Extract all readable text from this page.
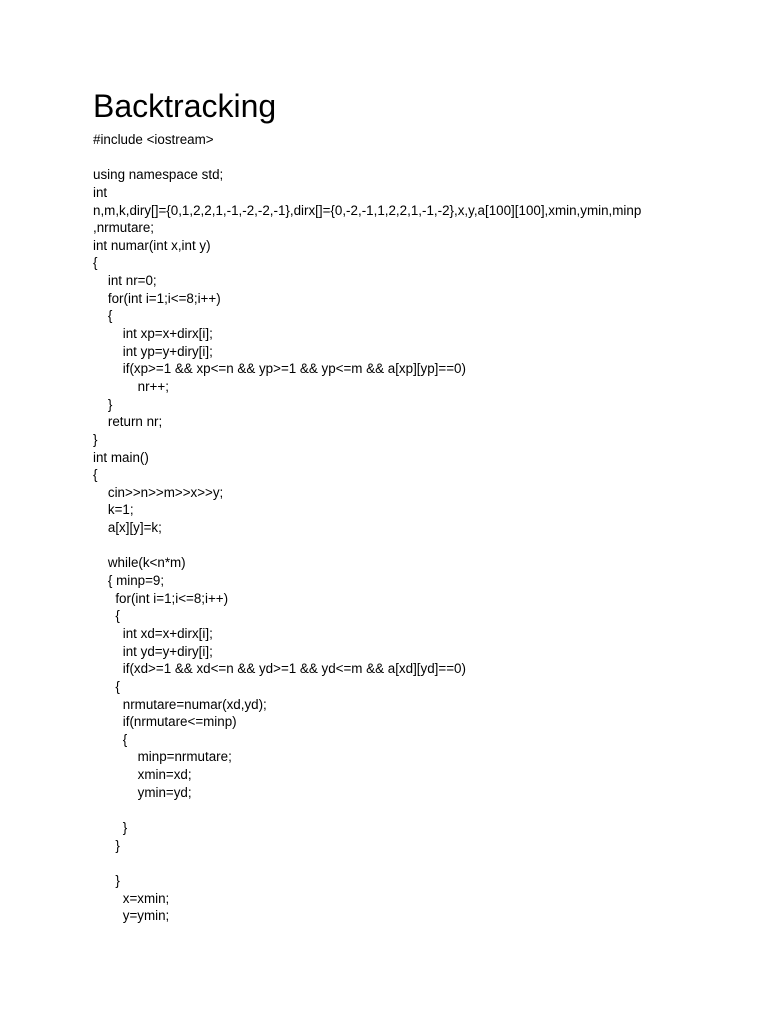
Backtracking
#include <iostream>
using namespace std;
int
n,m,k,diry[]={0,1,2,2,1,-1,-2,-2,-1},dirx[]={0,-2,-1,1,2,2,1,-1,-2},x,y,a[100][100],xmin,ymin,minp
,nrmutare;
int numar(int x,int y)
{
int nr=0;
for(int i=1;i<=8;i++)
{
int xp=x+dirx[i];
int yp=y+diry[i];
if(xp>=1 && xp<=n && yp>=1 && yp<=m && a[xp][yp]==0)
nr++;
}
return nr;
}
int main()
{
cin>>n>>m>>x>>y;
k=1;
a[x][y]=k;
while(k<n*m)
{ minp=9;
for(int i=1;i<=8;i++)
{
int xd=x+dirx[i];
int yd=y+diry[i];
if(xd>=1 && xd<=n && yd>=1 && yd<=m && a[xd][yd]==0)
{
nrmutare=numar(xd,yd);
if(nrmutare<=minp)
{
minp=nrmutare;
xmin=xd;
ymin=yd;
}
}
}
x=xmin;
y=ymin;
